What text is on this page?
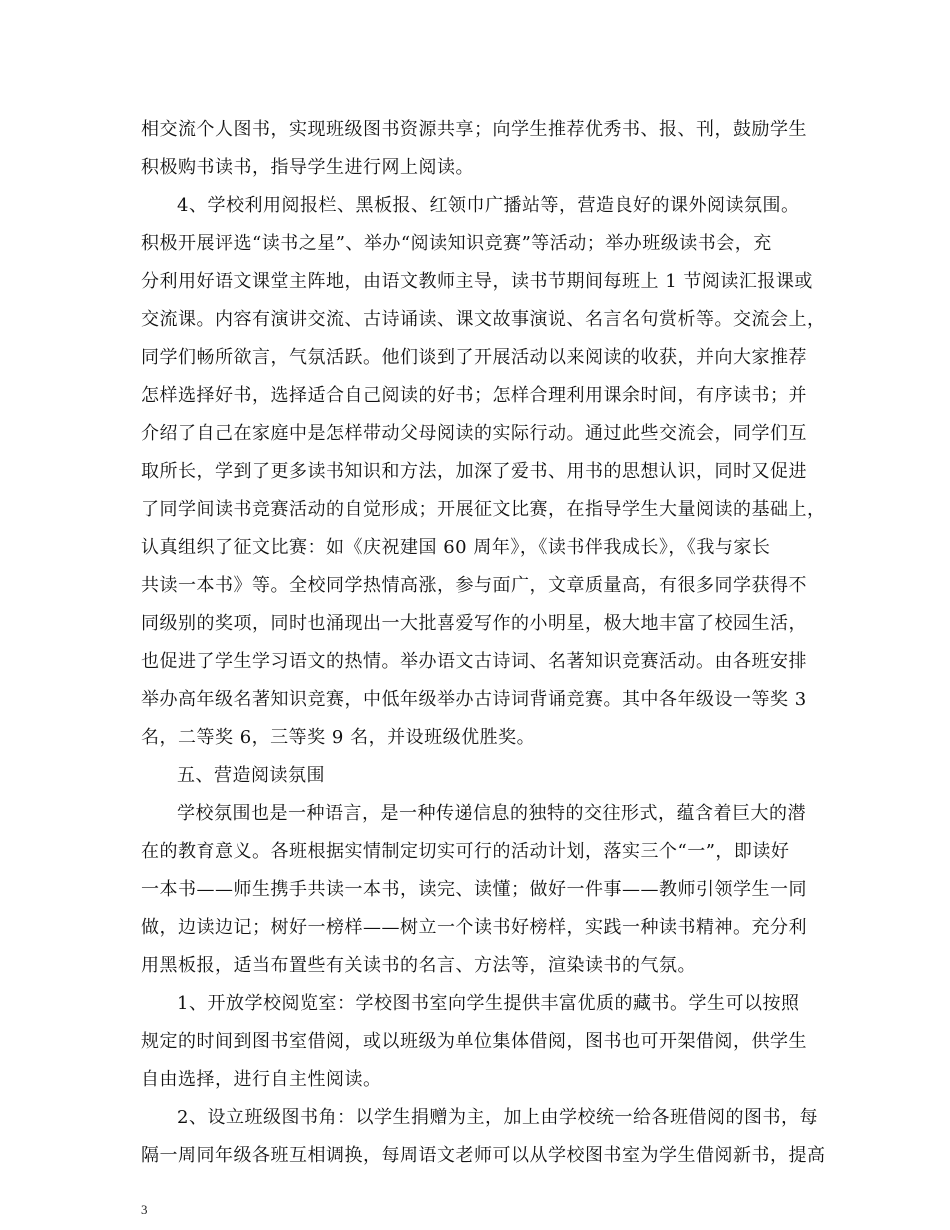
相交流个人图书，实现班级图书资源共享；向学生推荐优秀书、报、刊，鼓励学生
积极购书读书，指导学生进行网上阅读。
4、学校利用阅报栏、黑板报、红领巾广播站等，营造良好的课外阅读氛围。
积极开展评选“读书之星”、举办“阅读知识竞赛”等活动；举办班级读书会，充
分利用好语文课堂主阵地，由语文教师主导，读书节期间每班上 1 节阅读汇报课或
交流课。内容有演讲交流、古诗诵读、课文故事演说、名言名句赏析等。交流会上，
同学们畅所欲言，气氛活跃。他们谈到了开展活动以来阅读的收获，并向大家推荐
怎样选择好书，选择适合自己阅读的好书；怎样合理利用课余时间，有序读书；并
介绍了自己在家庭中是怎样带动父母阅读的实际行动。通过此些交流会，同学们互
取所长，学到了更多读书知识和方法，加深了爱书、用书的思想认识，同时又促进
了同学间读书竞赛活动的自觉形成；开展征文比赛，在指导学生大量阅读的基础上，
认真组织了征文比赛：如《庆祝建国 60 周年》，《读书伴我成长》，《我与家长
共读一本书》等。全校同学热情高涨，参与面广，文章质量高，有很多同学获得不
同级别的奖项，同时也涌现出一大批喜爱写作的小明星，极大地丰富了校园生活，
也促进了学生学习语文的热情。举办语文古诗词、名著知识竞赛活动。由各班安排
举办高年级名著知识竞赛，中低年级举办古诗词背诵竞赛。其中各年级设一等奖 3
名，二等奖 6，三等奖 9 名，并设班级优胜奖。
五、营造阅读氛围
学校氛围也是一种语言，是一种传递信息的独特的交往形式，蕴含着巨大的潜
在的教育意义。各班根据实情制定切实可行的活动计划，落实三个“一”，即读好
一本书——师生携手共读一本书，读完、读懂；做好一件事——教师引领学生一同
做，边读边记；树好一榜样——树立一个读书好榜样，实践一种读书精神。充分利
用黑板报，适当布置些有关读书的名言、方法等，渲染读书的气氛。
1、开放学校阅览室：学校图书室向学生提供丰富优质的藏书。学生可以按照
规定的时间到图书室借阅，或以班级为单位集体借阅，图书也可开架借阅，供学生
自由选择，进行自主性阅读。
2、设立班级图书角：以学生捐赠为主，加上由学校统一给各班借阅的图书，每
隔一周同年级各班互相调换，每周语文老师可以从学校图书室为学生借阅新书，提高
3
